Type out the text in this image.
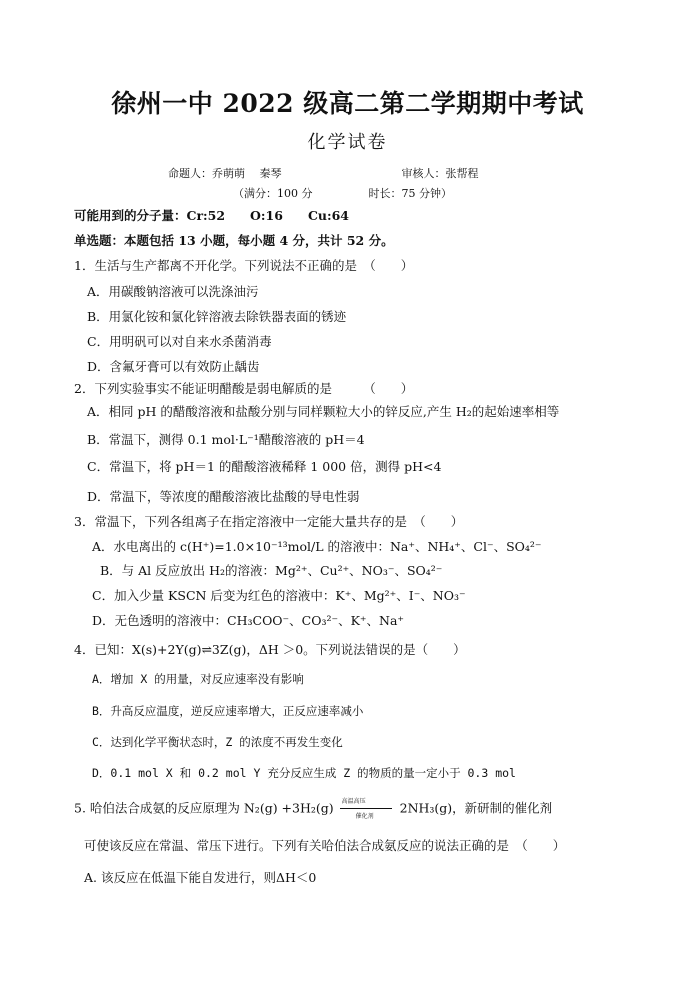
徐州一中 2022 级高二第二学期期中考试
化学试卷
命题人：乔萌萌　 秦琴	审核人：张帮程
（满分：100 分	时长：75 分钟）
可能用到的分子量：Cr:52　　O:16　　Cu:64
单选题：本题包括 13 小题，每小题 4 分，共计 52 分。
1．生活与生产都离不开化学。下列说法不正确的是　（　　）
A．用碳酸钠溶液可以洗涤油污
B．用氯化铵和氯化锌溶液去除铁器表面的锈迹
C．用明矾可以对自来水杀菌消毒
D．含氟牙膏可以有效防止龋齿
2．下列实验事实不能证明醋酸是弱电解质的是　　　（　　）
A．相同 pH 的醋酸溶液和盐酸分别与同样颗粒大小的锌反应,产生 H₂的起始速率相等
B．常温下，测得 0.1 mol·L⁻¹醋酸溶液的 pH＝4
C．常温下，将 pH＝1 的醋酸溶液稀释 1 000 倍，测得 pH<4
D．常温下，等浓度的醋酸溶液比盐酸的导电性弱
3．常温下，下列各组离子在指定溶液中一定能大量共存的是　（　　）
A．水电离出的 c(H⁺)=1.0×10⁻¹³mol/L 的溶液中：Na⁺、NH₄⁺、Cl⁻、SO₄²⁻
B．与 Al 反应放出 H₂的溶液：Mg²⁺、Cu²⁺、NO₃⁻、SO₄²⁻
C．加入少量 KSCN 后变为红色的溶液中：K⁺、Mg²⁺、I⁻、NO₃⁻
D．无色透明的溶液中：CH₃COO⁻、CO₃²⁻、K⁺、Na⁺
4．已知：X(s)+2Y(g)⇌3Z(g)，ΔH ＞0。下列说法错误的是（　　）
A．增加 X 的用量，对反应速率没有影响
B．升高反应温度，逆反应速率增大，正反应速率减小
C．达到化学平衡状态时，Z 的浓度不再发生变化
D．0.1 mol X 和 0.2 mol Y 充分反应生成 Z 的物质的量一定小于 0.3 mol
5. 哈伯法合成氨的反应原理为 N₂(g) +3H₂(g) 高温高压
催化剂
2NH₃(g)，新研制的催化剂
可使该反应在常温、常压下进行。下列有关哈伯法合成氨反应的说法正确的是　（　　）
A. 该反应在低温下能自发进行，则ΔH＜0
